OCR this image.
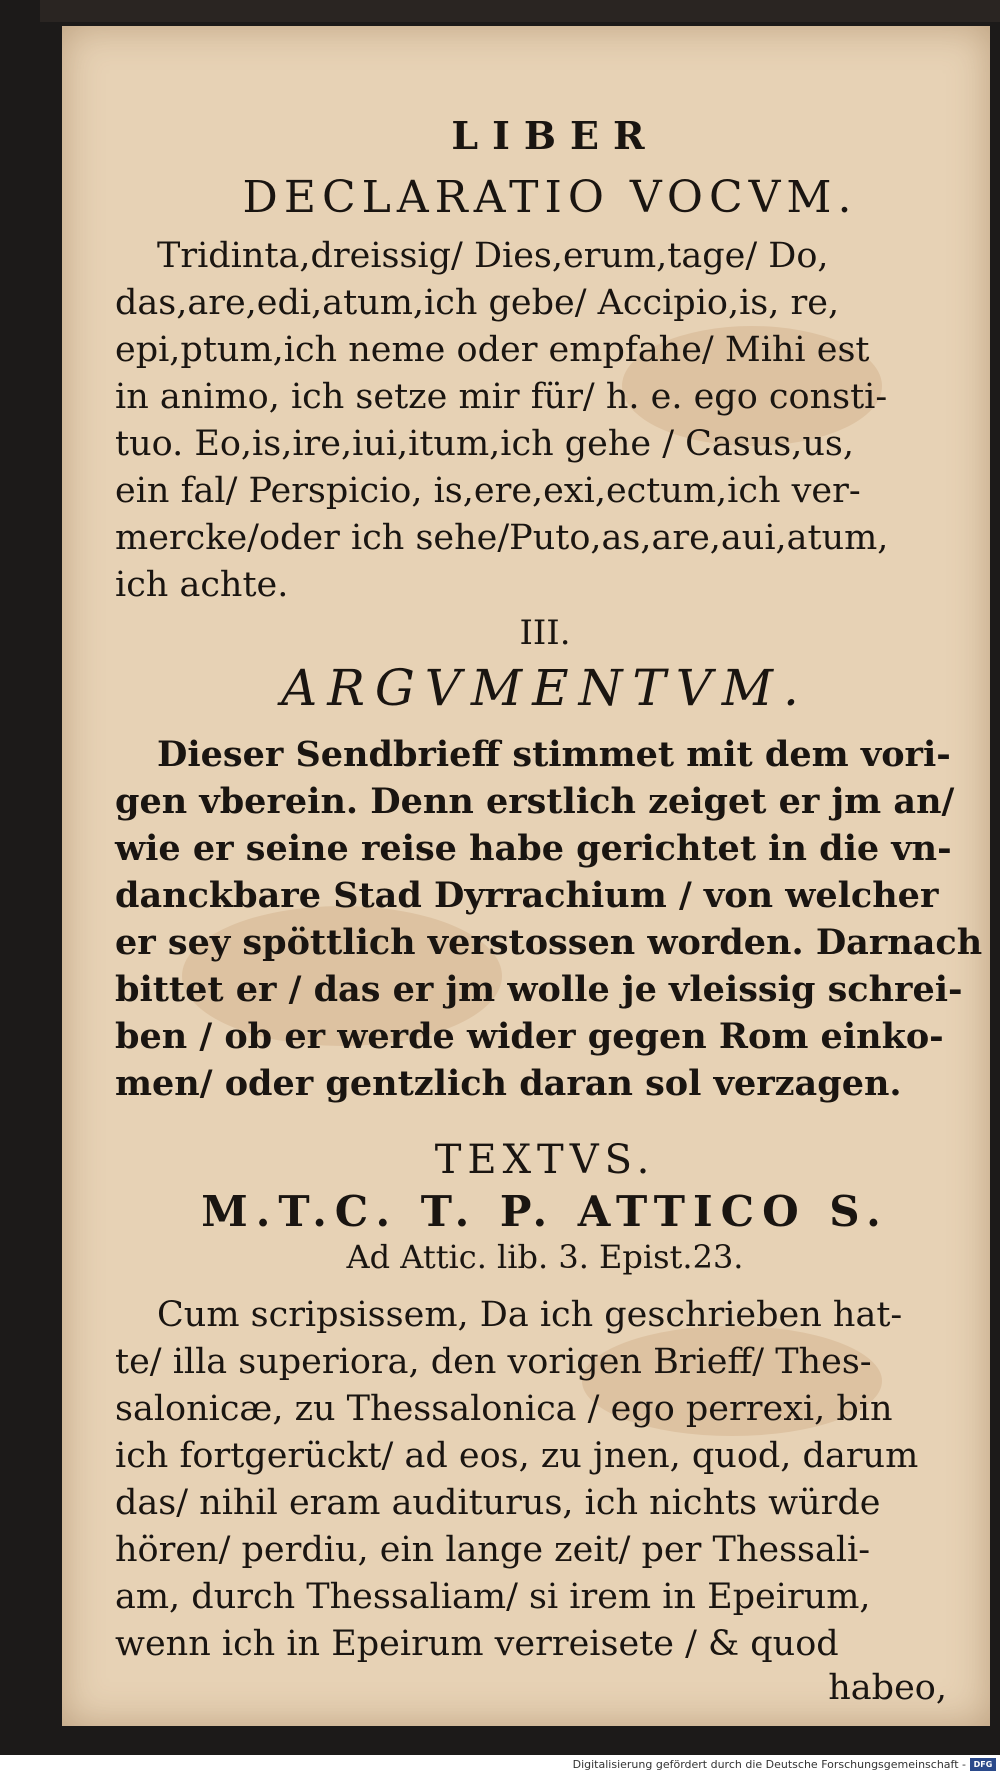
LIBER
DECLARATIO VOCVM.
Tridinta,dreissig/ Dies,erum,tage/ Do,
das,are,edi,atum,ich gebe/ Accipio,is, re,
epi,ptum,ich neme oder empfahe/ Mihi est
in animo, ich setze mir für/ h. e. ego consti-
tuo. Eo,is,ire,iui,itum,ich gehe / Casus,us,
ein fal/ Perspicio, is,ere,exi,ectum,ich ver-
mercke/oder ich sehe/Puto,as,are,aui,atum,
ich achte.
III.
ARGVMENTVM.
Dieser Sendbrieff stimmet mit dem vori-
gen vberein. Denn erstlich zeiget er jm an/
wie er seine reise habe gerichtet in die vn-
danckbare Stad Dyrrachium / von welcher
er sey spöttlich verstossen worden. Darnach
bittet er / das er jm wolle je vleissig schrei-
ben / ob er werde wider gegen Rom einko-
men/ oder gentzlich daran sol verzagen.
TEXTVS.
M.T.C. T. P. ATTICO S.
Ad Attic. lib. 3. Epist.23.
Cum scripsissem, Da ich geschrieben hat-
te/ illa superiora, den vorigen Brieff/ Thes-
salonicæ, zu Thessalonica / ego perrexi, bin
ich fortgerückt/ ad eos, zu jnen, quod, darum
das/ nihil eram auditurus, ich nichts würde
hören/ perdiu, ein lange zeit/ per Thessali-
am, durch Thessaliam/ si irem in Epeirum,
wenn ich in Epeirum verreisete / & quod
habeo,
Digitalisierung gefördert durch die Deutsche Forschungsgemeinschaft - DFG
